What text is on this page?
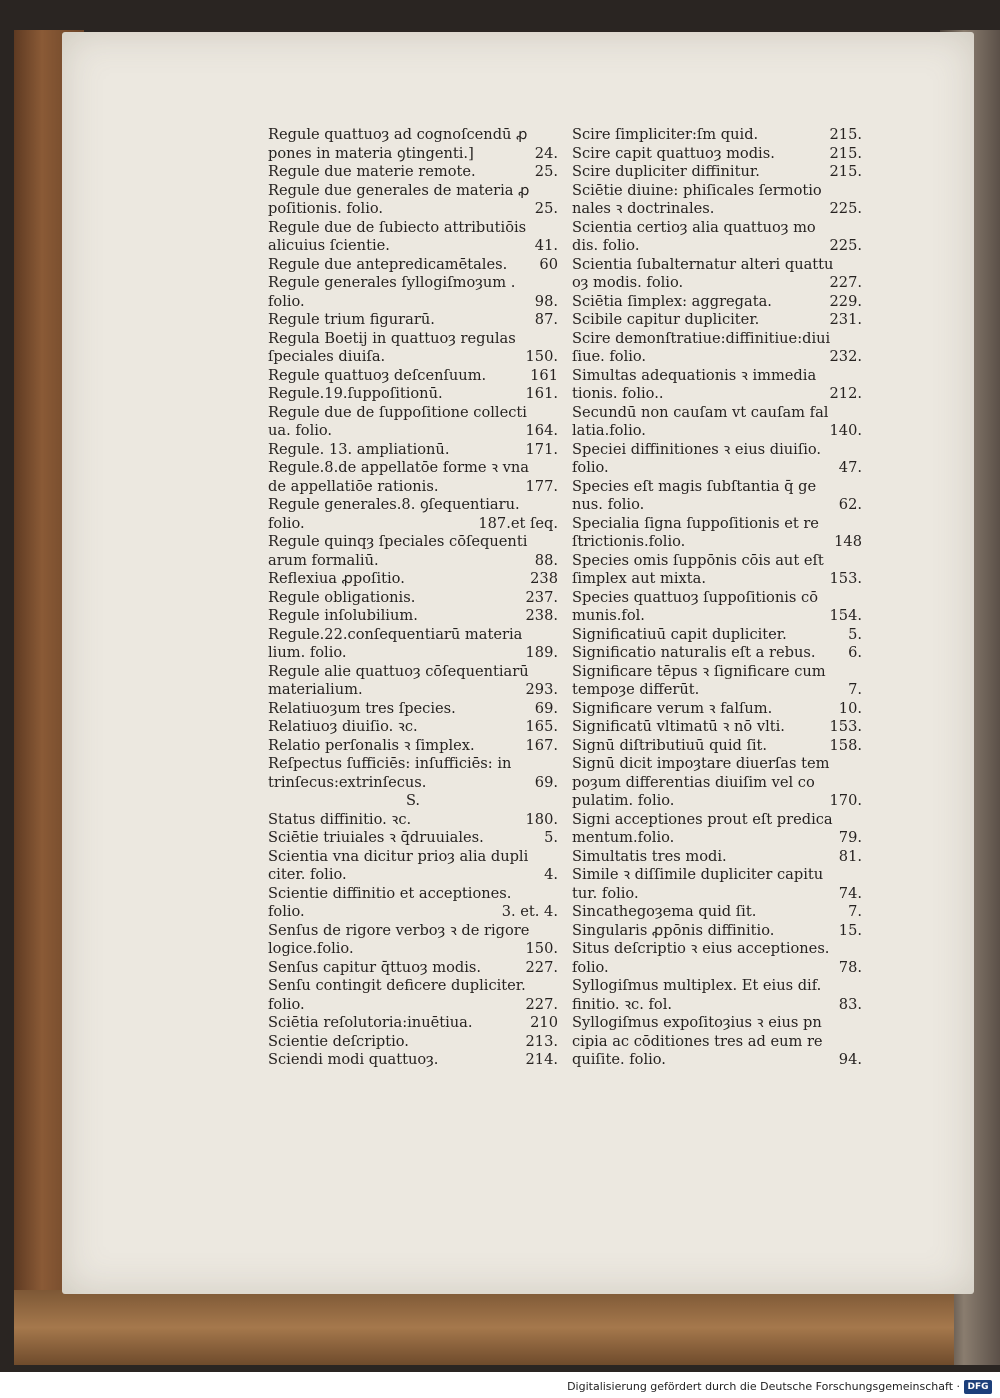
Regule quattuoȝ ad cognoſcendū ꝓ
pones in materia ꝯtingenti.]	24.
Regule due materie remote.	25.
Regule due generales de materia ꝓ
poſitionis. folio.	25.
Regule due de ſubiecto attributiōis
alicuius ſcientie.	41.
Regule due antepredicamētales. 60
Regule generales ſyllogiſmoȝum .
folio.	98.
Regule trium figurarū.	87.
Regula Boetij in quattuoȝ regulas
ſpeciales diuiſa.	150.
Regule quattuoȝ deſcenſuum.	161
Regule.19.ſuppoſitionū.	161.
Regule due de ſuppoſitione collecti
ua. folio.	164.
Regule. 13. ampliationū.	171.
Regule.8.de appellatōe forme ꝛ vna
de appellatiōe rationis.	177.
Regule generales.8. ꝯſequentiaru.
folio.	187.et ſeq.
Regule quinqȝ ſpeciales cōſequenti
arum formaliū.	88.
Reflexiua ꝓpoſitio.	238
Regule obligationis.	237.
Regule inſolubilium.	238.
Regule.22.conſequentiarū materia
lium. folio.	189.
Regule alie quattuoȝ cōſequentiarū
materialium.	293.
Relatiuoȝum tres ſpecies.	69.
Relatiuoȝ diuiſio. ꝛc.	165.
Relatio perſonalis ꝛ ſimplex.	167.
Reſpectus ſufficiēs: inſufficiēs: in
trinſecus:extrinſecus.	69.
S.
Status diffinitio. ꝛc.	180.
Sciētie triuiales ꝛ q̄druuiales.	5.
Scientia vna dicitur prioȝ alia dupli
citer. folio.	4.
Scientie diffinitio et acceptiones.
folio.	3. et. 4.
Senſus de rigore verboȝ ꝛ de rigore
logice.folio.	150.
Senſus capitur q̄ttuoȝ modis.	227.
Senſu contingit deficere dupliciter.
folio.	227.
Sciētia reſolutoria:inuētiua.	210
Scientie deſcriptio.	213.
Sciendi modi quattuoȝ.	214.
Scire ſimpliciter:ſm quid.	215.
Scire capit quattuoȝ modis.	215.
Scire dupliciter diffinitur.	215.
Sciētie diuine: phiſicales ſermotio
nales ꝛ doctrinales.	225.
Scientia certioȝ alia quattuoȝ mo
dis. folio.	225.
Scientia ſubalternatur alteri quattu
oȝ modis. folio.	227.
Sciētia ſimplex: aggregata.	229.
Scibile capitur dupliciter.	231.
Scire demonſtratiue:diffinitiue:diui
ſiue. folio.	232.
Simultas adequationis ꝛ immedia
tionis. folio..	212.
Secundū non cauſam vt cauſam fal
latia.folio.	140.
Speciei diffinitiones ꝛ eius diuiſio.
folio.	47.
Species eſt magis ſubſtantia q̄ ge
nus. folio.	62.
Specialia ſigna ſuppoſitionis et re
ſtrictionis.folio.	148
Species omis ſuppōnis cōis aut eſt
ſimplex aut mixta.	153.
Species quattuoȝ ſuppoſitionis cō
munis.fol.	154.
Significatiuū capit dupliciter.	5.
Significatio naturalis eſt a rebus. 6.
Significare tēpus ꝛ ſignificare cum
tempoȝe differūt.	7.
Significare verum ꝛ falſum.	10.
Significatū vltimatū ꝛ nō vlti.	153.
Signū diſtributiuū quid ſit.	158.
Signū dicit impoȝtare diuerſas tem
poȝum differentias diuiſim vel co
pulatim. folio.	170.
Signi acceptiones prout eſt predica
mentum.folio.	79.
Simultatis tres modi.	81.
Simile ꝛ diſſimile dupliciter capitu
tur. folio.	74.
Sincathegoȝema quid ſit.	7.
Singularis ꝓpōnis diffinitio.	15.
Situs deſcriptio ꝛ eius acceptiones.
folio.	78.
Syllogiſmus multiplex. Et eius dif.
finitio. ꝛc. fol.	83.
Syllogiſmus expoſitoȝius ꝛ eius pn
cipia ac cōditiones tres ad eum re
quiſite. folio.	94.
Digitalisierung gefördert durch die Deutsche Forschungsgemeinschaft · DFG
